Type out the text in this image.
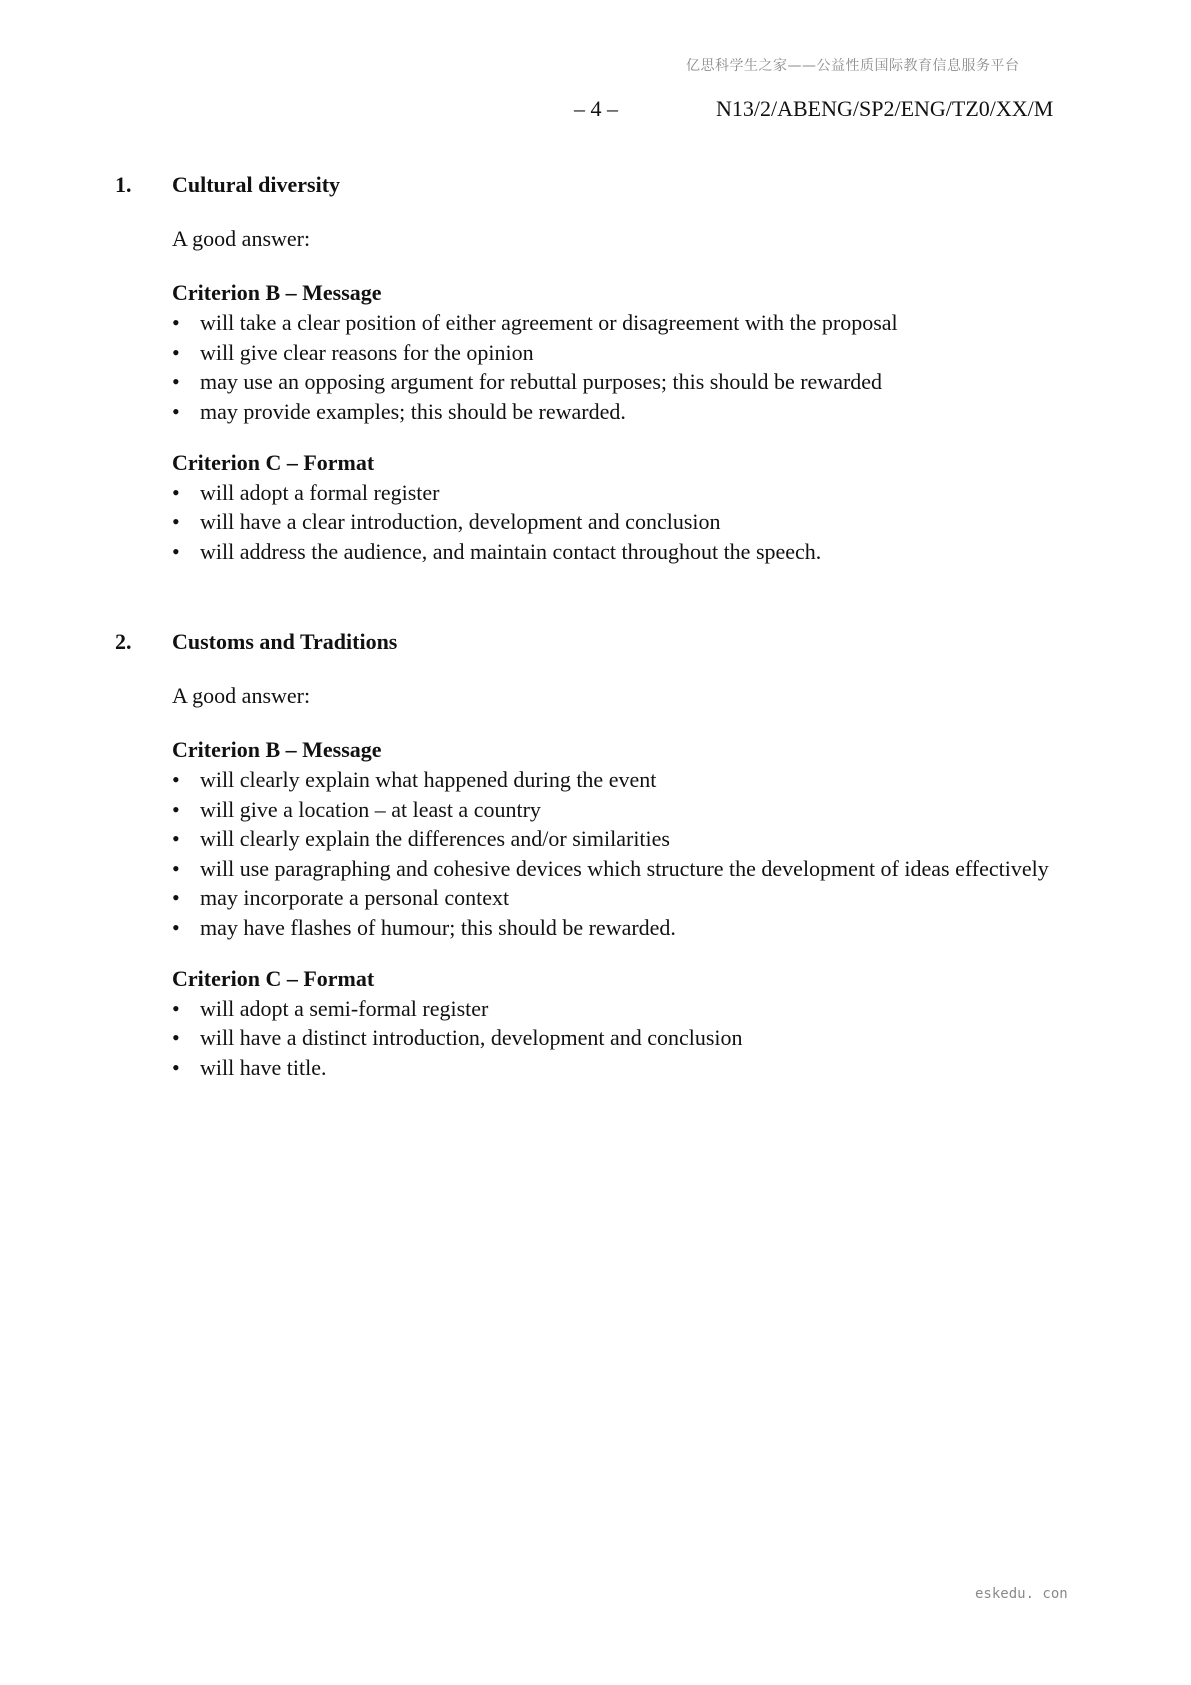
亿思科学生之家——公益性质国际教育信息服务平台
– 4 –	N13/2/ABENG/SP2/ENG/TZ0/XX/M
1.	Cultural diversity
A good answer:
Criterion B – Message
• will take a clear position of either agreement or disagreement with the proposal
• will give clear reasons for the opinion
• may use an opposing argument for rebuttal purposes; this should be rewarded
• may provide examples; this should be rewarded.
Criterion C – Format
• will adopt a formal register
• will have a clear introduction, development and conclusion
• will address the audience, and maintain contact throughout the speech.
2.	Customs and Traditions
A good answer:
Criterion B – Message
• will clearly explain what happened during the event
• will give a location – at least a country
• will clearly explain the differences and/or similarities
• will use paragraphing and cohesive devices which structure the development of ideas effectively
• may incorporate a personal context
• may have flashes of humour; this should be rewarded.
Criterion C – Format
• will adopt a semi-formal register
• will have a distinct introduction, development and conclusion
• will have title.
eskedu. con
